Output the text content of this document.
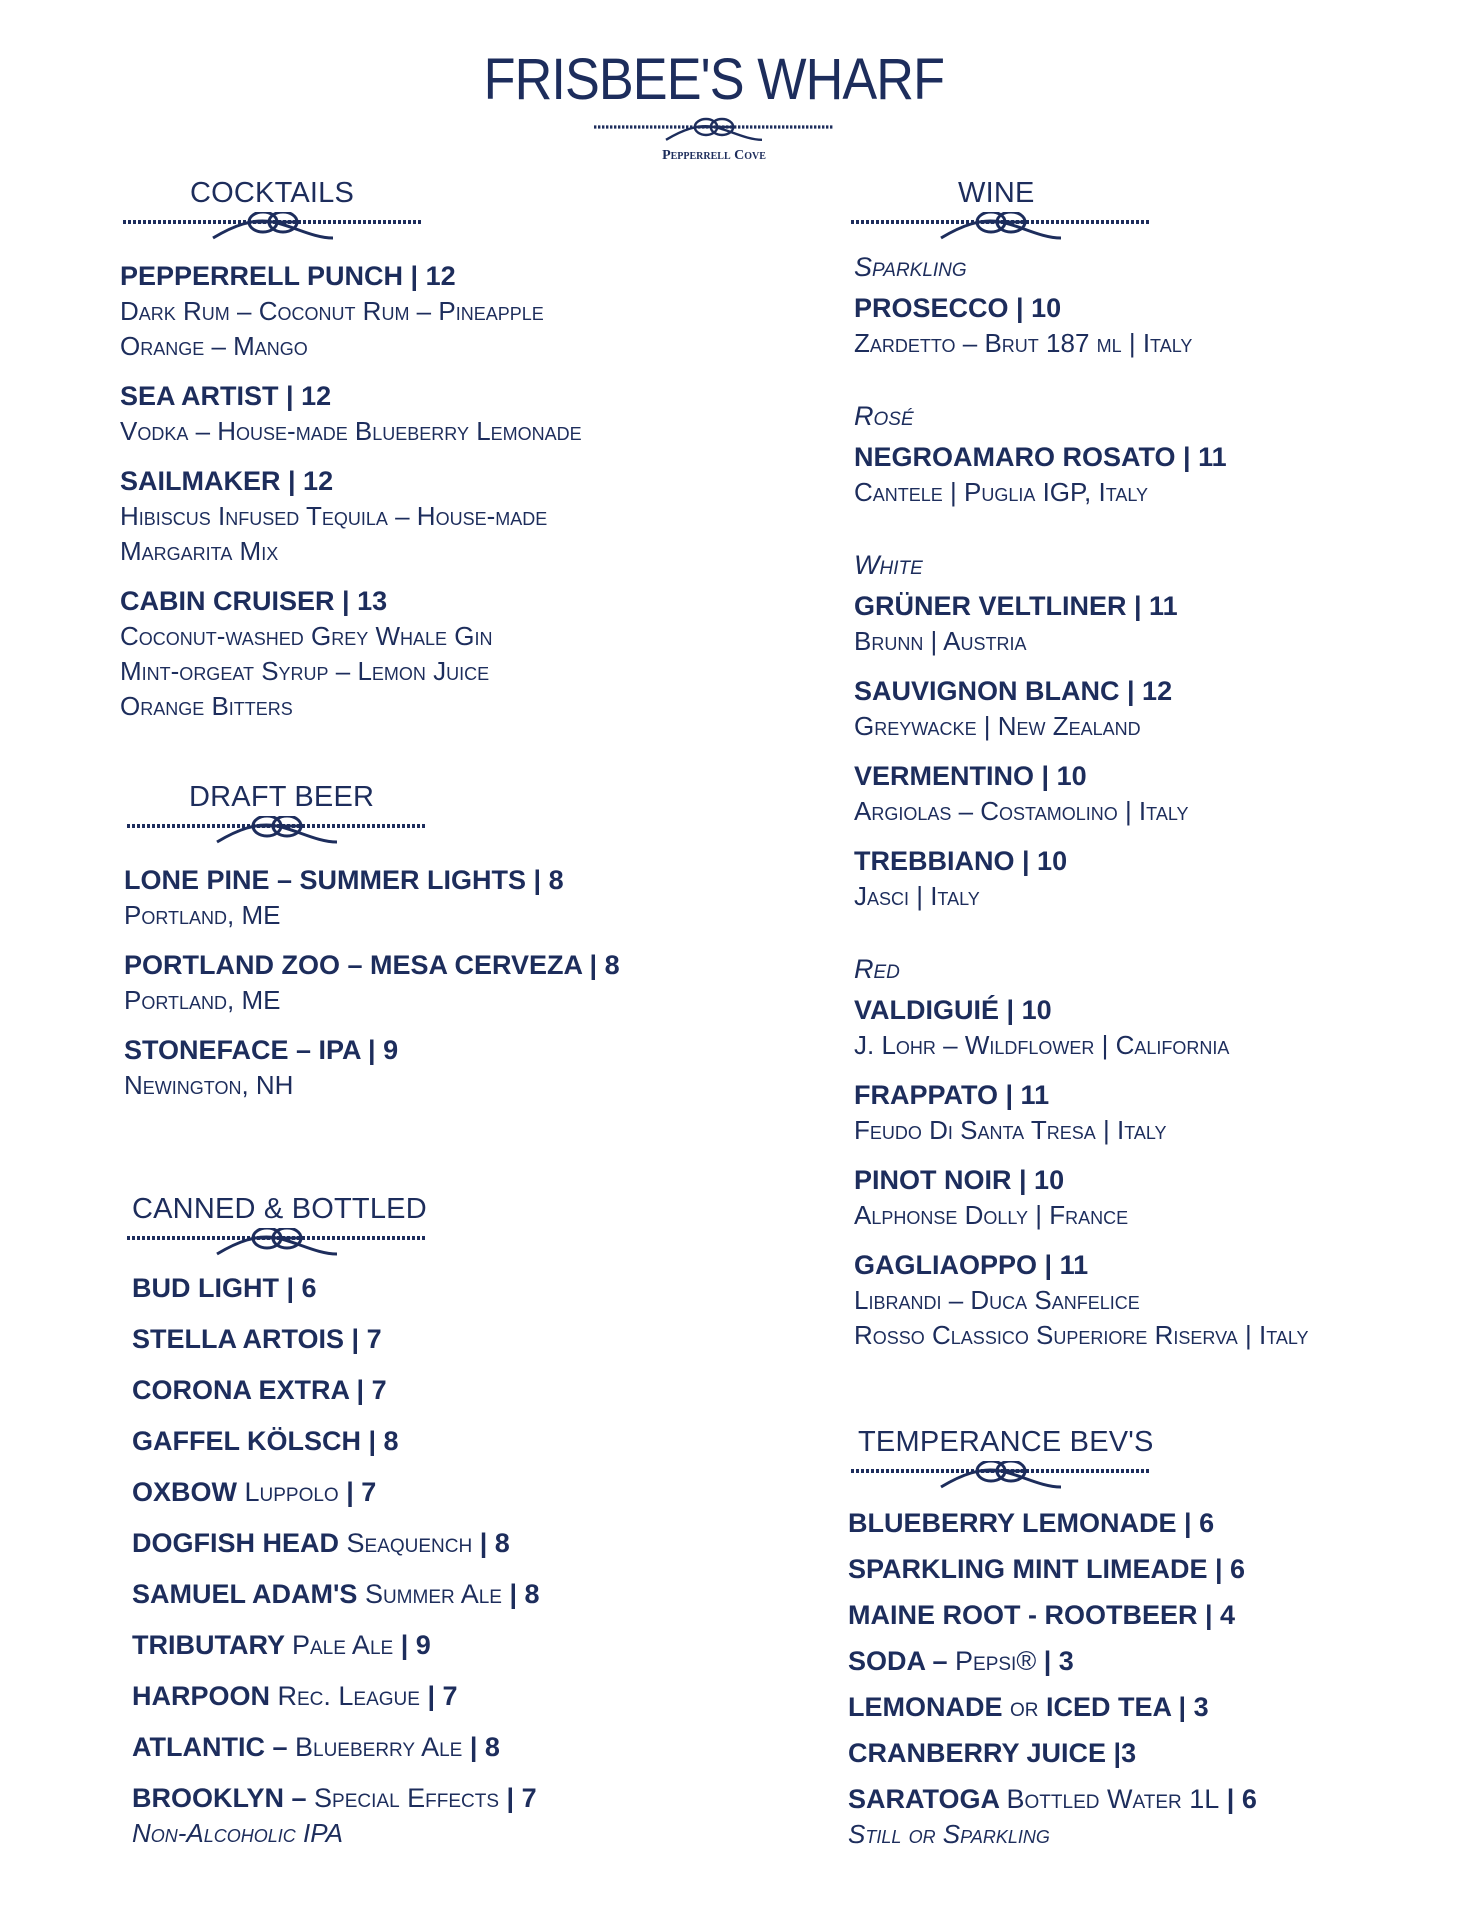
FRISBEE'S WHARF
Pepperrell Cove
COCKTAILS
PEPPERRELL PUNCH | 12
Dark Rum – Coconut Rum – Pineapple
Orange – Mango
SEA ARTIST | 12
Vodka – House-made Blueberry Lemonade
SAILMAKER | 12
Hibiscus Infused Tequila – House-made
Margarita Mix
CABIN CRUISER | 13
Coconut-washed Grey Whale Gin
Mint-orgeat Syrup – Lemon Juice
Orange Bitters
DRAFT BEER
LONE PINE – SUMMER LIGHTS | 8
Portland, ME
PORTLAND ZOO – MESA CERVEZA | 8
Portland, ME
STONEFACE – IPA | 9
Newington, NH
CANNED & BOTTLED
BUD LIGHT | 6
STELLA ARTOIS | 7
CORONA EXTRA | 7
GAFFEL KÖLSCH | 8
OXBOW Luppolo | 7
DOGFISH HEAD Seaquench | 8
SAMUEL ADAM'S Summer Ale | 8
TRIBUTARY Pale Ale | 9
HARPOON Rec. League | 7
ATLANTIC – Blueberry Ale | 8
BROOKLYN – Special Effects | 7
Non-Alcoholic IPA
WINE
Sparkling
PROSECCO | 10
Zardetto – Brut 187 ml | Italy
Rosé
NEGROAMARO ROSATO | 11
Cantele | Puglia IGP, Italy
White
GRÜNER VELTLINER | 11
Brunn | Austria
SAUVIGNON BLANC | 12
Greywacke | New Zealand
VERMENTINO | 10
Argiolas – Costamolino | Italy
TREBBIANO | 10
Jasci | Italy
Red
VALDIGUIÉ | 10
J. Lohr – Wildflower | California
FRAPPATO | 11
Feudo Di Santa Tresa | Italy
PINOT NOIR | 10
Alphonse Dolly | France
GAGLIAOPPO | 11
Librandi – Duca Sanfelice
Rosso Classico Superiore Riserva | Italy
TEMPERANCE BEV'S
BLUEBERRY LEMONADE | 6
SPARKLING MINT LIMEADE | 6
MAINE ROOT - ROOTBEER | 4
SODA – Pepsi® | 3
LEMONADE or ICED TEA | 3
CRANBERRY JUICE |3
SARATOGA Bottled Water 1L | 6
Still or Sparkling
